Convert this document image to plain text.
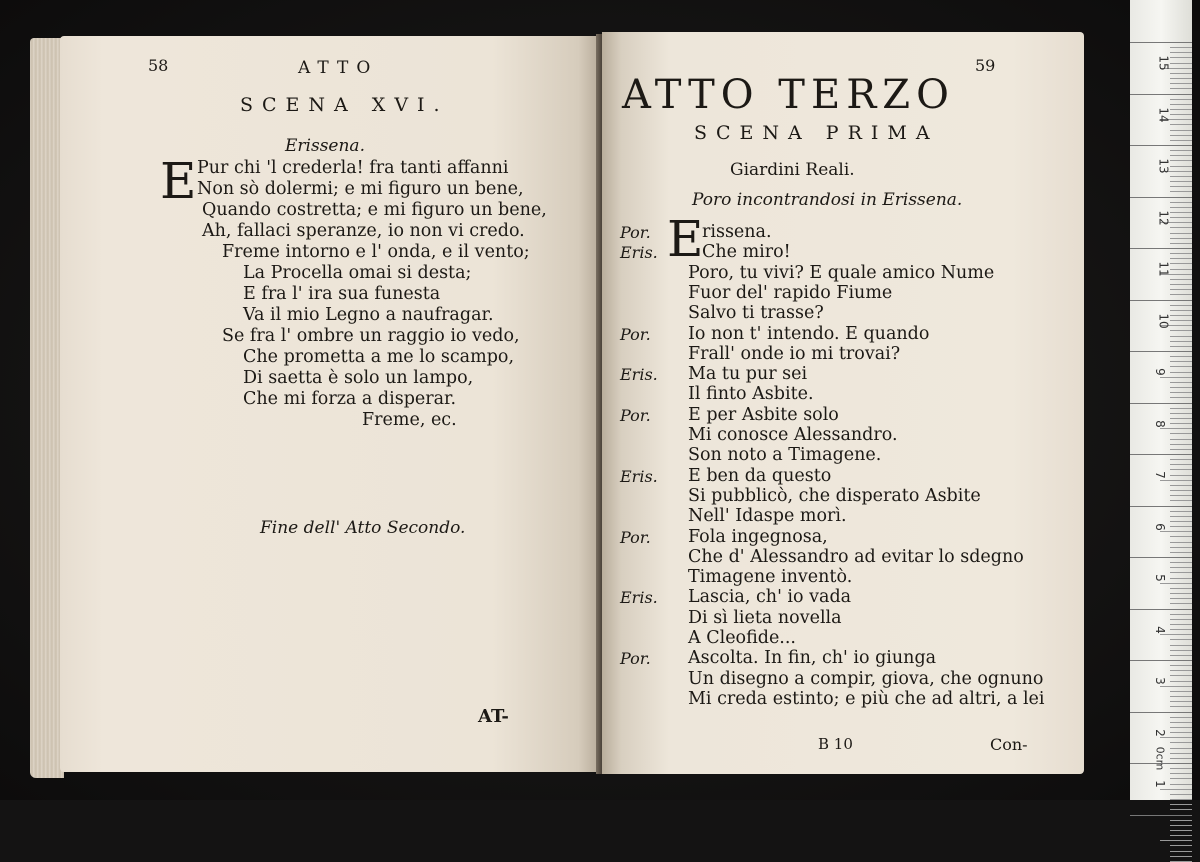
58	ATTO
SCENA XVI.
Erissena.
E Pur chi 'l crederla! fra tanti affanni
Non sò dolermi; e mi figuro un bene,
Quando costretta; e mi figuro un bene,
Ah, fallaci speranze, io non vi credo.
Freme intorno e l' onda, e il vento;
La Procella omai si desta;
E fra l' ira sua funesta
Va il mio Legno a naufragar.
Se fra l' ombre un raggio io vedo,
Che prometta a me lo scampo,
Di saetta è solo un lampo,
Che mi forza a disperar.
Freme, ec.
Fine dell' Atto Secondo.
AT-
ATTO TERZO
59
SCENA PRIMA
Giardini Reali.
Poro incontrandosi in Erissena.
E
Por.	rissena.
Eris.	Che miro!
Poro, tu vivi? E quale amico Nume
Fuor del' rapido Fiume
Salvo ti trasse?
Por. Io non t' intendo. E quando
Frall' onde io mi trovai?
Eris. Ma tu pur sei
Il finto Asbite.
Por. E per Asbite solo
Mi conosce Alessandro.
Son noto a Timagene.
Eris. E ben da questo
Si pubblicò, che disperato Asbite
Nell' Idaspe morì.
Por. Fola ingegnosa,
Che d' Alessandro ad evitar lo sdegno
Timagene inventò.
Eris. Lascia, ch' io vada
Di sì lieta novella
A Cleofide...
Por. Ascolta. In fin, ch' io giunga
Un disegno a compir, giova, che ognuno
Mi creda estinto; e più che ad altri, a lei
B 10	Con-
0cm
15
14
13
12
11
10
9
8
7
6
5
4
3
2
1
